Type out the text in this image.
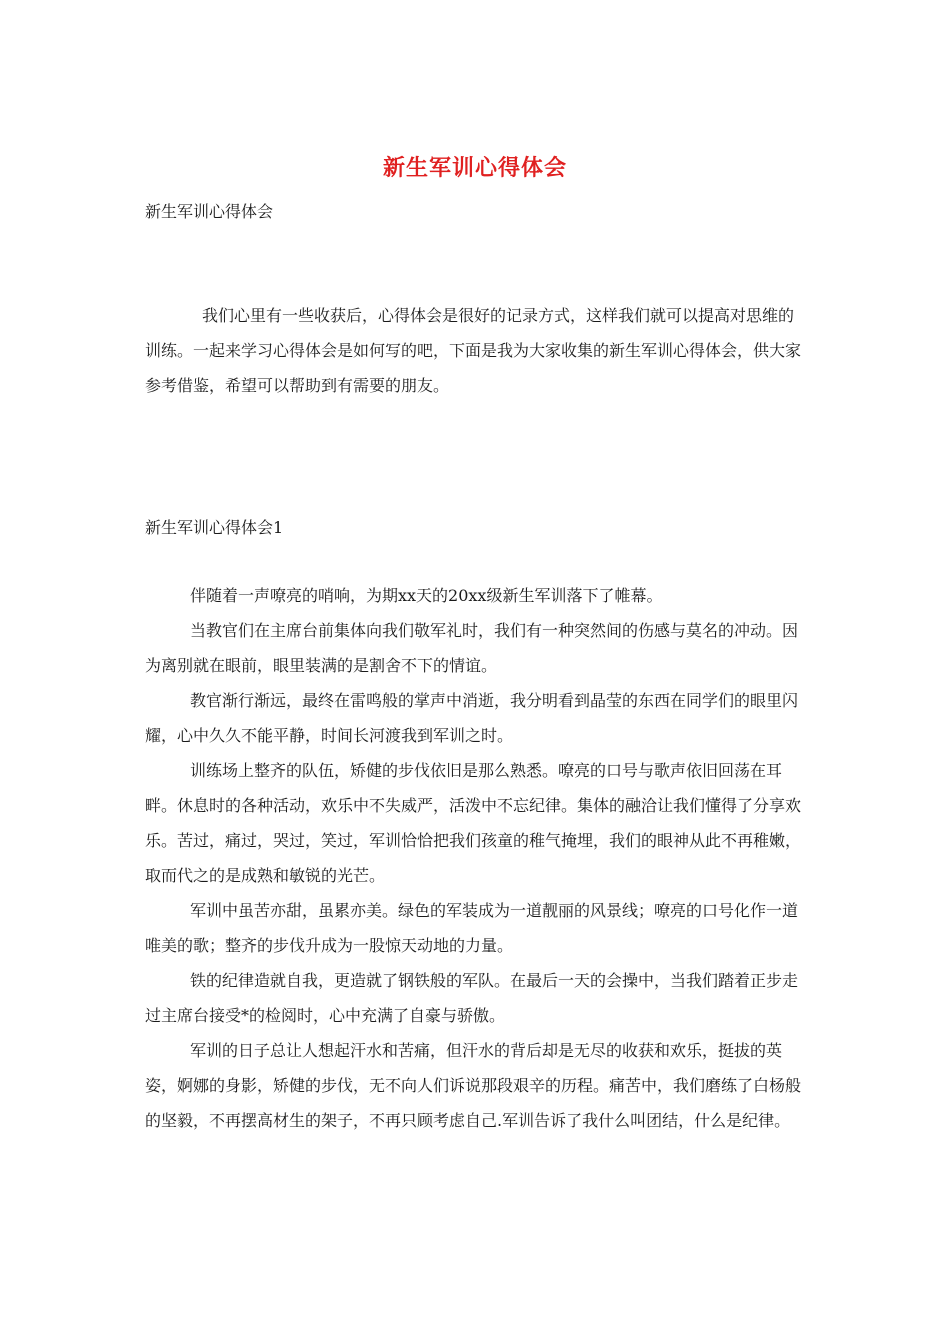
新生军训心得体会
新生军训心得体会

我们心里有一些收获后，心得体会是很好的记录方式，这样我们就可以提高对思维的训练。一起来学习心得体会是如何写的吧，下面是我为大家收集的新生军训心得体会，供大家参考借鉴，希望可以帮助到有需要的朋友。

新生军训心得体会1

伴随着一声嘹亮的哨响，为期xx天的20xx级新生军训落下了帷幕。

当教官们在主席台前集体向我们敬军礼时，我们有一种突然间的伤感与莫名的冲动。因为离别就在眼前，眼里装满的是割舍不下的情谊。

教官渐行渐远，最终在雷鸣般的掌声中消逝，我分明看到晶莹的东西在同学们的眼里闪耀，心中久久不能平静，时间长河渡我到军训之时。

训练场上整齐的队伍，矫健的步伐依旧是那么熟悉。嘹亮的口号与歌声依旧回荡在耳畔。休息时的各种活动，欢乐中不失威严，活泼中不忘纪律。集体的融洽让我们懂得了分享欢乐。苦过，痛过，哭过，笑过，军训恰恰把我们孩童的稚气掩埋，我们的眼神从此不再稚嫩，取而代之的是成熟和敏锐的光芒。

军训中虽苦亦甜，虽累亦美。绿色的军装成为一道靓丽的风景线；嘹亮的口号化作一道唯美的歌；整齐的步伐升成为一股惊天动地的力量。

铁的纪律造就自我，更造就了钢铁般的军队。在最后一天的会操中，当我们踏着正步走过主席台接受*的检阅时，心中充满了自豪与骄傲。

军训的日子总让人想起汗水和苦痛，但汗水的背后却是无尽的收获和欢乐，挺拔的英姿，婀娜的身影，矫健的步伐，无不向人们诉说那段艰辛的历程。痛苦中，我们磨练了白杨般的坚毅，不再摆高材生的架子，不再只顾考虑自己.军训告诉了我什么叫团结，什么是纪律。
